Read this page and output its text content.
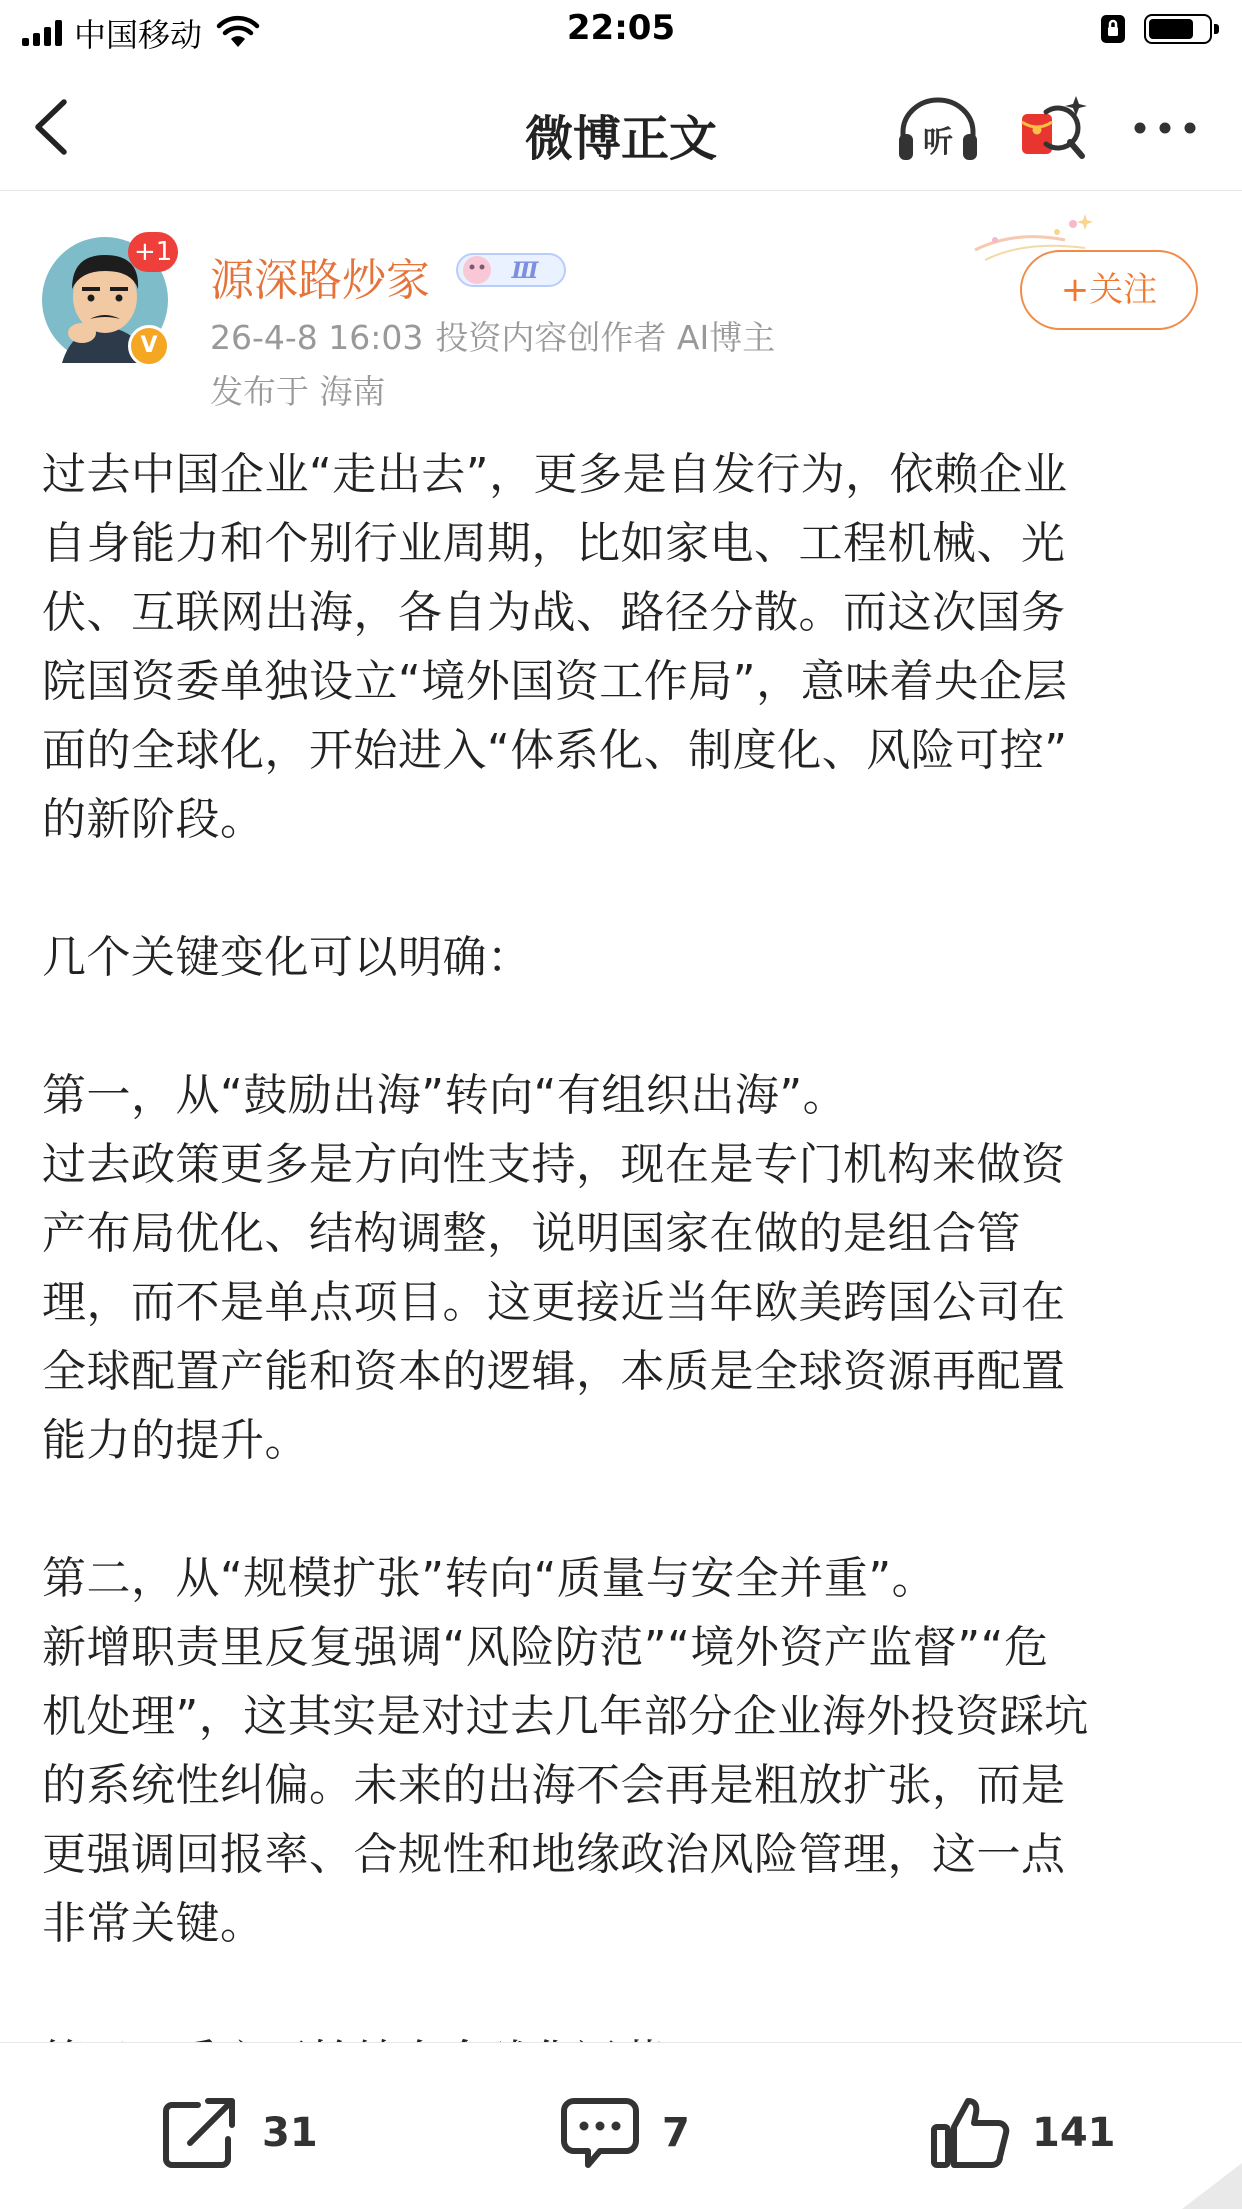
中国移动	22:05
微博正文	听
+1
V
源深路炒家	Ⅲ
26-4-8 16:03 投资内容创作者 AI博主
发布于 海南
+关注

过去中国企业“走出去”，更多是自发行为，依赖企业

自身能力和个别行业周期，比如家电、工程机械、光

伏、互联网出海，各自为战、路径分散。而这次国务

院国资委单独设立“境外国资工作局”，意味着央企层

面的全球化，开始进入“体系化、制度化、风险可控”

的新阶段。

几个关键变化可以明确：

第一，从“鼓励出海”转向“有组织出海”。

过去政策更多是方向性支持，现在是专门机构来做资

产布局优化、结构调整，说明国家在做的是组合管

理，而不是单点项目。这更接近当年欧美跨国公司在

全球配置产能和资本的逻辑，本质是全球资源再配置

能力的提升。

第二，从“规模扩张”转向“质量与安全并重”。

新增职责里反复强调“风险防范”“境外资产监督”“危

机处理”，这其实是对过去几年部分企业海外投资踩坑

的系统性纠偏。未来的出海不会再是粗放扩张，而是

更强调回报率、合规性和地缘政治风险管理，这一点

非常关键。

31	7	141
